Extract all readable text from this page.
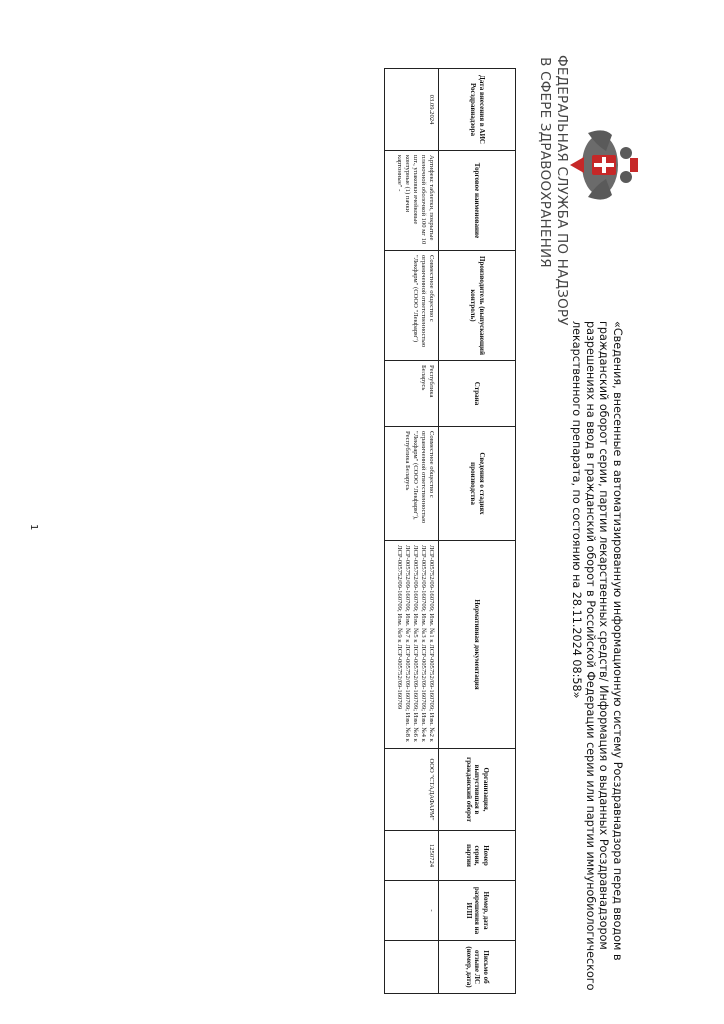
ФЕДЕРАЛЬНАЯ СЛУЖБА ПО НАДЗОРУ
В СФЕРЕ ЗДРАВООХРАНЕНИЯ
«Сведения, внесенные в автоматизированную информационную систему Росздравнадзора перед вводом в гражданский оборот серии, партии лекарственных средств/ Информация о выданных Росздравнадзором разрешениях на ввод в гражданский оборот в Российской Федерации серии или партии иммунобиологического лекарственного препарата, по состоянию на 28.11.2024 08:58»
Дата внесения в АИС Росздравнадзора	Торговое наименование	Производитель (выпускающий контроль)	Страна	Сведения о стадиях производства	Нормативная документация	Организация, выпустившая в гражданский оборот	Номер серии, партии	Номер, дата разрешения на ИЛП	Письмо об отзыве ЛС (номер, дата)
03.09.2024	Артифекс таблетки, покрытые пленочной оболочкой 100 мг 10 шт., упаковки ячейковые контурные (1) пачки картонные" -	Совместное общество с ограниченной ответственностью "Лекфарм" (СООО "Лекфарм")	Республика Беларусь	Совместное общество с ограниченной ответственностью "Лекфарм" (СООО "Лекфарм"), Республика Беларусь	ЛСР-005752/09-160709; Изм. №1 к ЛСР-005752/09-160709; Изм. №2 к ЛСР-005752/09-160709; Изм. №3 к ЛСР-005752/09-160709; Изм. №4 к ЛСР-005752/09-160709; Изм. №5 к ЛСР-005752/09-160709; Изм. №6 к ЛСР-005752/09-160709; Изм. №7 к ЛСР-005752/09-160709; Изм. №8 к ЛСР-005752/09-160709; Изм. №9 к ЛСР-005752/09-160709	ООО "СТАДАФАРМ"	1250724	-	
1
